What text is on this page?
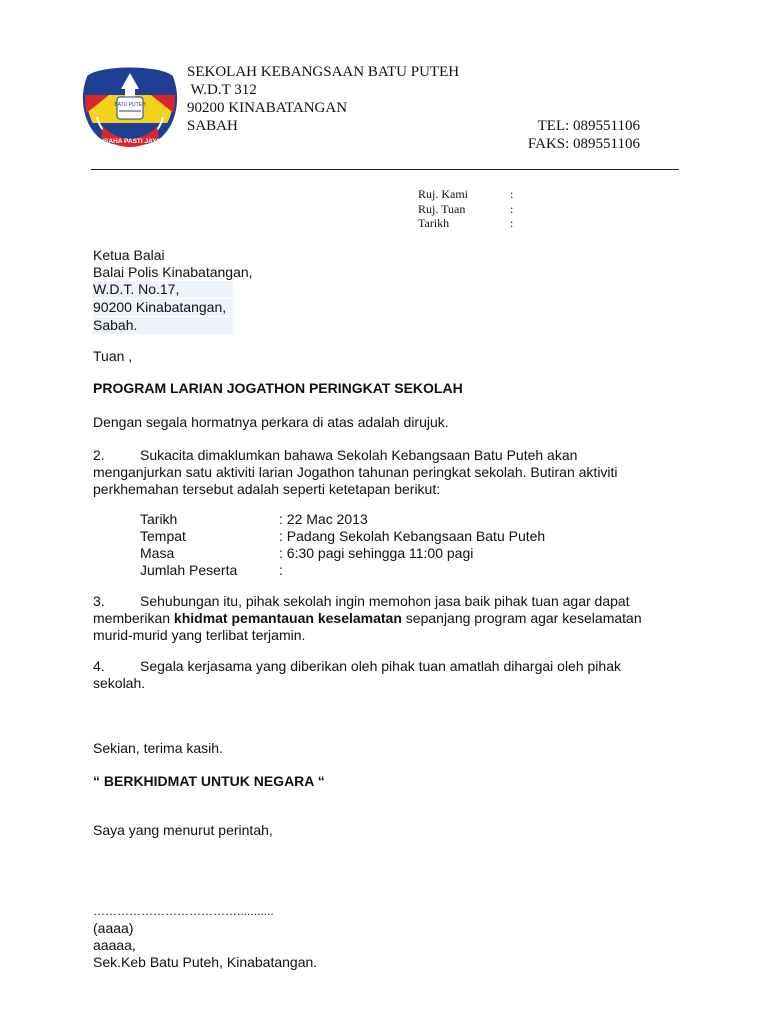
BATU PUTEH
USAHA PASTI JAYA
SEKOLAH KEBANGSAAN BATU PUTEH
W.D.T 312
90200 KINABATANGAN
SABAH	TEL: 089551106
FAKS: 089551106
Ruj. Kami	:
Ruj. Tuan	:
Tarikh	:
Ketua Balai
Balai Polis Kinabatangan,
W.D.T. No.17,
90200 Kinabatangan,
Sabah.
Tuan ,
PROGRAM LARIAN JOGATHON PERINGKAT SEKOLAH
Dengan segala hormatnya perkara di atas adalah dirujuk.
2.	Sukacita dimaklumkan bahawa Sekolah Kebangsaan Batu Puteh akan
menganjurkan satu aktiviti larian Jogathon tahunan peringkat sekolah. Butiran aktiviti
perkhemahan tersebut adalah seperti ketetapan berikut:
Tarikh	: 22 Mac 2013
Tempat	: Padang Sekolah Kebangsaan Batu Puteh
Masa	: 6:30 pagi sehingga 11:00 pagi
Jumlah Peserta	:
3.	Sehubungan itu, pihak sekolah ingin memohon jasa baik pihak tuan agar dapat
memberikan khidmat pemantauan keselamatan sepanjang program agar keselamatan
murid-murid yang terlibat terjamin.
4.	Segala kerjasama yang diberikan oleh pihak tuan amatlah dihargai oleh pihak
sekolah.
Sekian, terima kasih.
“ BERKHIDMAT UNTUK NEGARA “
Saya yang menurut perintah,
………………………………...........
(aaaa)
aaaaa,
Sek.Keb Batu Puteh, Kinabatangan.
